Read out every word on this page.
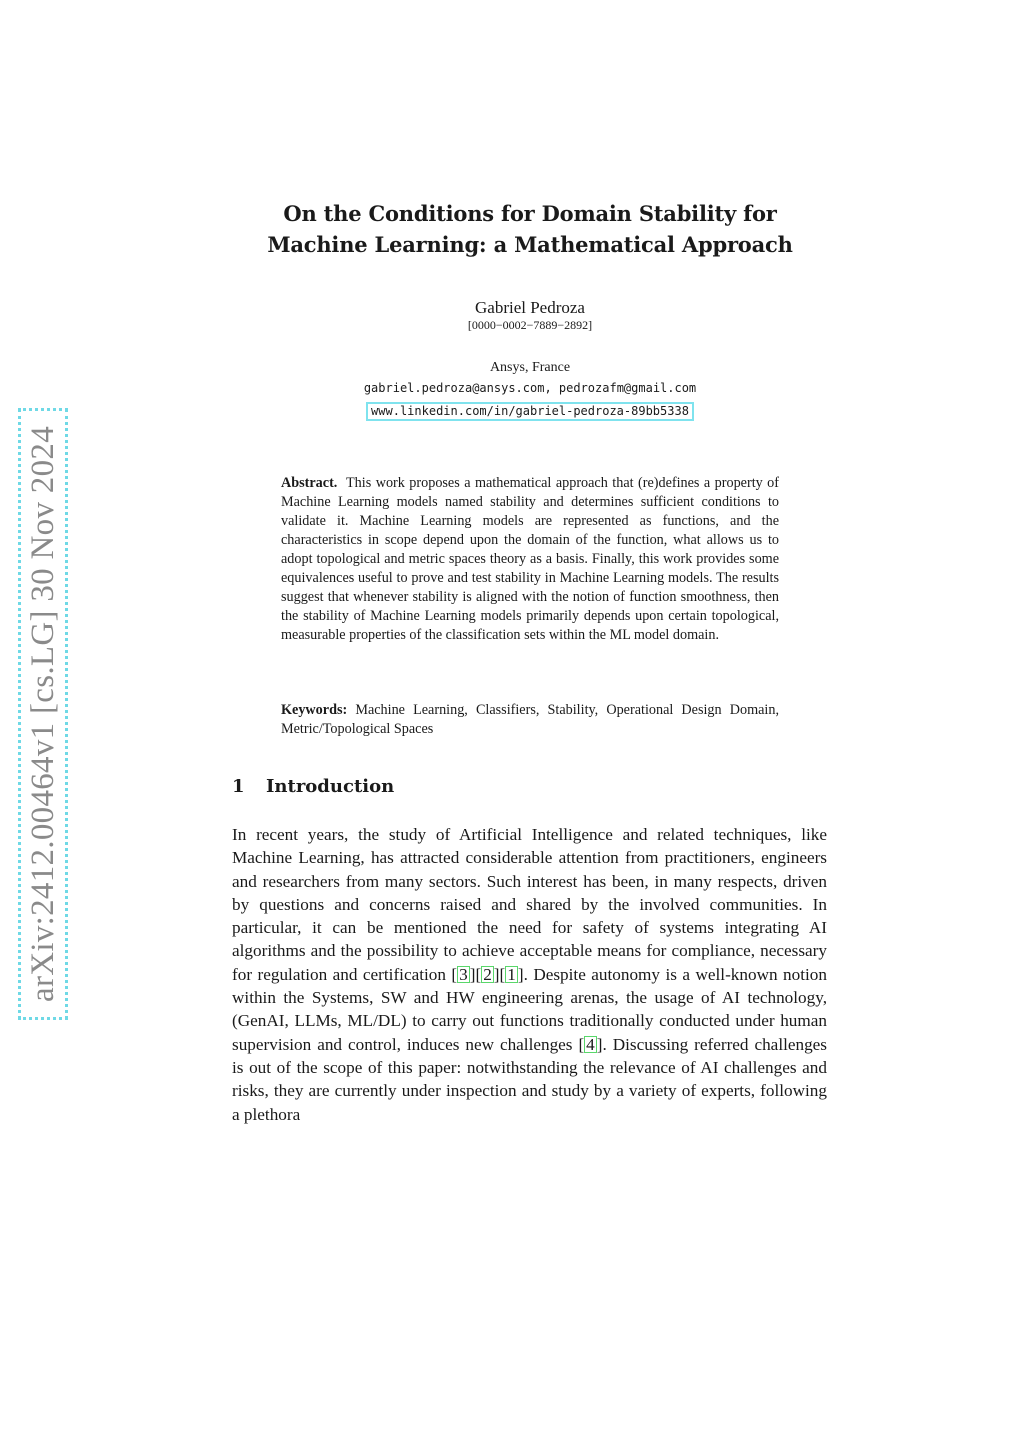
arXiv:2412.00464v1 [cs.LG] 30 Nov 2024
On the Conditions for Domain Stability for
Machine Learning: a Mathematical Approach
Gabriel Pedroza
[0000−0002−7889−2892]
Ansys, France
gabriel.pedroza@ansys.com, pedrozafm@gmail.com
www.linkedin.com/in/gabriel-pedroza-89bb5338
Abstract. This work proposes a mathematical approach that (re)defines a property of Machine Learning models named stability and determines sufficient conditions to validate it. Machine Learning models are represented as functions, and the characteristics in scope depend upon the domain of the function, what allows us to adopt topological and metric spaces theory as a basis. Finally, this work provides some equivalences useful to prove and test stability in Machine Learning models. The results suggest that whenever stability is aligned with the notion of function smoothness, then the stability of Machine Learning models primarily depends upon certain topological, measurable properties of the classification sets within the ML model domain.
Keywords: Machine Learning, Classifiers, Stability, Operational Design Domain, Metric/Topological Spaces
1 Introduction
In recent years, the study of Artificial Intelligence and related techniques, like Machine Learning, has attracted considerable attention from practitioners, engineers and researchers from many sectors. Such interest has been, in many respects, driven by questions and concerns raised and shared by the involved communities. In particular, it can be mentioned the need for safety of systems integrating AI algorithms and the possibility to achieve acceptable means for compliance, necessary for regulation and certification [ 3 ][ 2 ][ 1 ]. Despite autonomy is a well-known notion within the Systems, SW and HW engineering arenas, the usage of AI technology, (GenAI, LLMs, ML/DL) to carry out functions traditionally conducted under human supervision and control, induces new challenges [ 4 ]. Discussing referred challenges is out of the scope of this paper: notwithstanding the relevance of AI challenges and risks, they are currently under inspection and study by a variety of experts, following a plethora
